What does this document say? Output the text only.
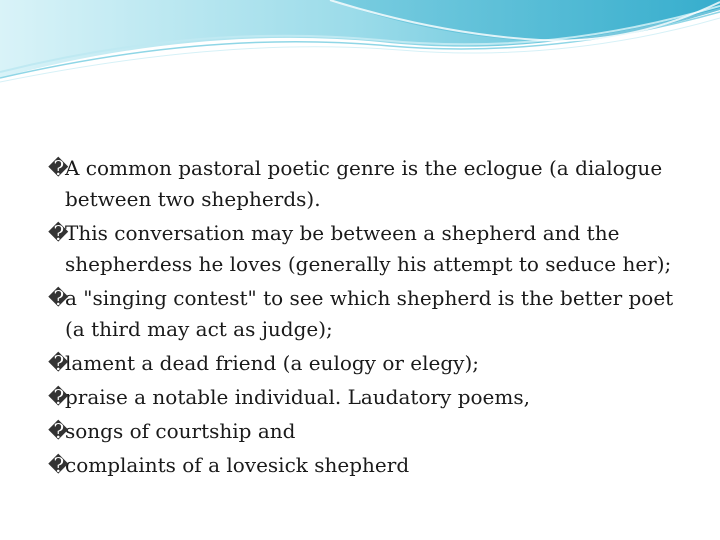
�
A common pastoral poetic genre is the eclogue (a dialogue between two shepherds).
�
This conversation may be between a shepherd and the shepherdess he loves (generally his attempt to seduce her);
�
a "singing contest" to see which shepherd is the better poet (a third may act as judge);
�
lament a dead friend (a eulogy or elegy);
�
praise a notable individual. Laudatory poems,
�
songs of courtship and
�
complaints of a lovesick shepherd
